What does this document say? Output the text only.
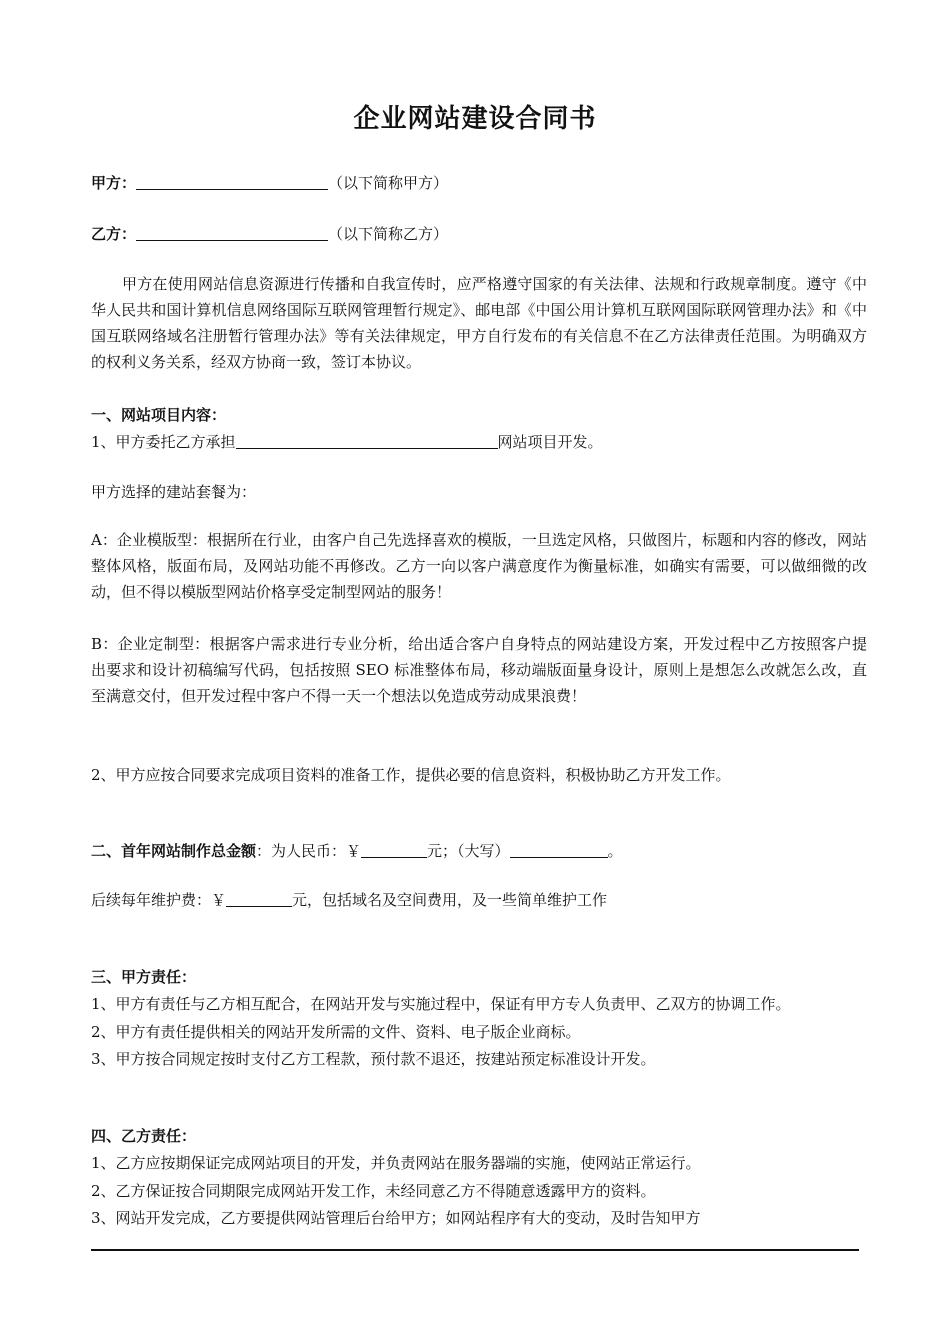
企业网站建设合同书
甲方：	（以下简称甲方）
乙方：	（以下简称乙方）
甲方在使用网站信息资源进行传播和自我宣传时，应严格遵守国家的有关法律、法规和行政规章制度。遵守《中华人民共和国计算机信息网络国际互联网管理暂行规定》、邮电部《中国公用计算机互联网国际联网管理办法》和《中国互联网络域名注册暂行管理办法》等有关法律规定，甲方自行发布的有关信息不在乙方法律责任范围。为明确双方的权利义务关系，经双方协商一致，签订本协议。
一、网站项目内容：
1、甲方委托乙方承担	网站项目开发。
甲方选择的建站套餐为：
A：企业模版型：根据所在行业，由客户自己先选择喜欢的模版，一旦选定风格，只做图片，标题和内容的修改，网站整体风格，版面布局，及网站功能不再修改。乙方一向以客户满意度作为衡量标准，如确实有需要，可以做细微的改动，但不得以模版型网站价格享受定制型网站的服务！
B：企业定制型：根据客户需求进行专业分析，给出适合客户自身特点的网站建设方案，开发过程中乙方按照客户提出要求和设计初稿编写代码，包括按照 SEO 标准整体布局，移动端版面量身设计，原则上是想怎么改就怎么改，直至满意交付，但开发过程中客户不得一天一个想法以免造成劳动成果浪费！
2、甲方应按合同要求完成项目资料的准备工作，提供必要的信息资料，积极协助乙方开发工作。
二、首年网站制作总金额：为人民币：￥	元；（大写）	。
后续每年维护费：￥	元，包括域名及空间费用，及一些简单维护工作
三、甲方责任：
1、甲方有责任与乙方相互配合，在网站开发与实施过程中，保证有甲方专人负责甲、乙双方的协调工作。
2、甲方有责任提供相关的网站开发所需的文件、资料、电子版企业商标。
3、甲方按合同规定按时支付乙方工程款，预付款不退还，按建站预定标准设计开发。
四、乙方责任：
1、乙方应按期保证完成网站项目的开发，并负责网站在服务器端的实施，使网站正常运行。
2、乙方保证按合同期限完成网站开发工作，未经同意乙方不得随意透露甲方的资料。
3、网站开发完成，乙方要提供网站管理后台给甲方；如网站程序有大的变动，及时告知甲方
